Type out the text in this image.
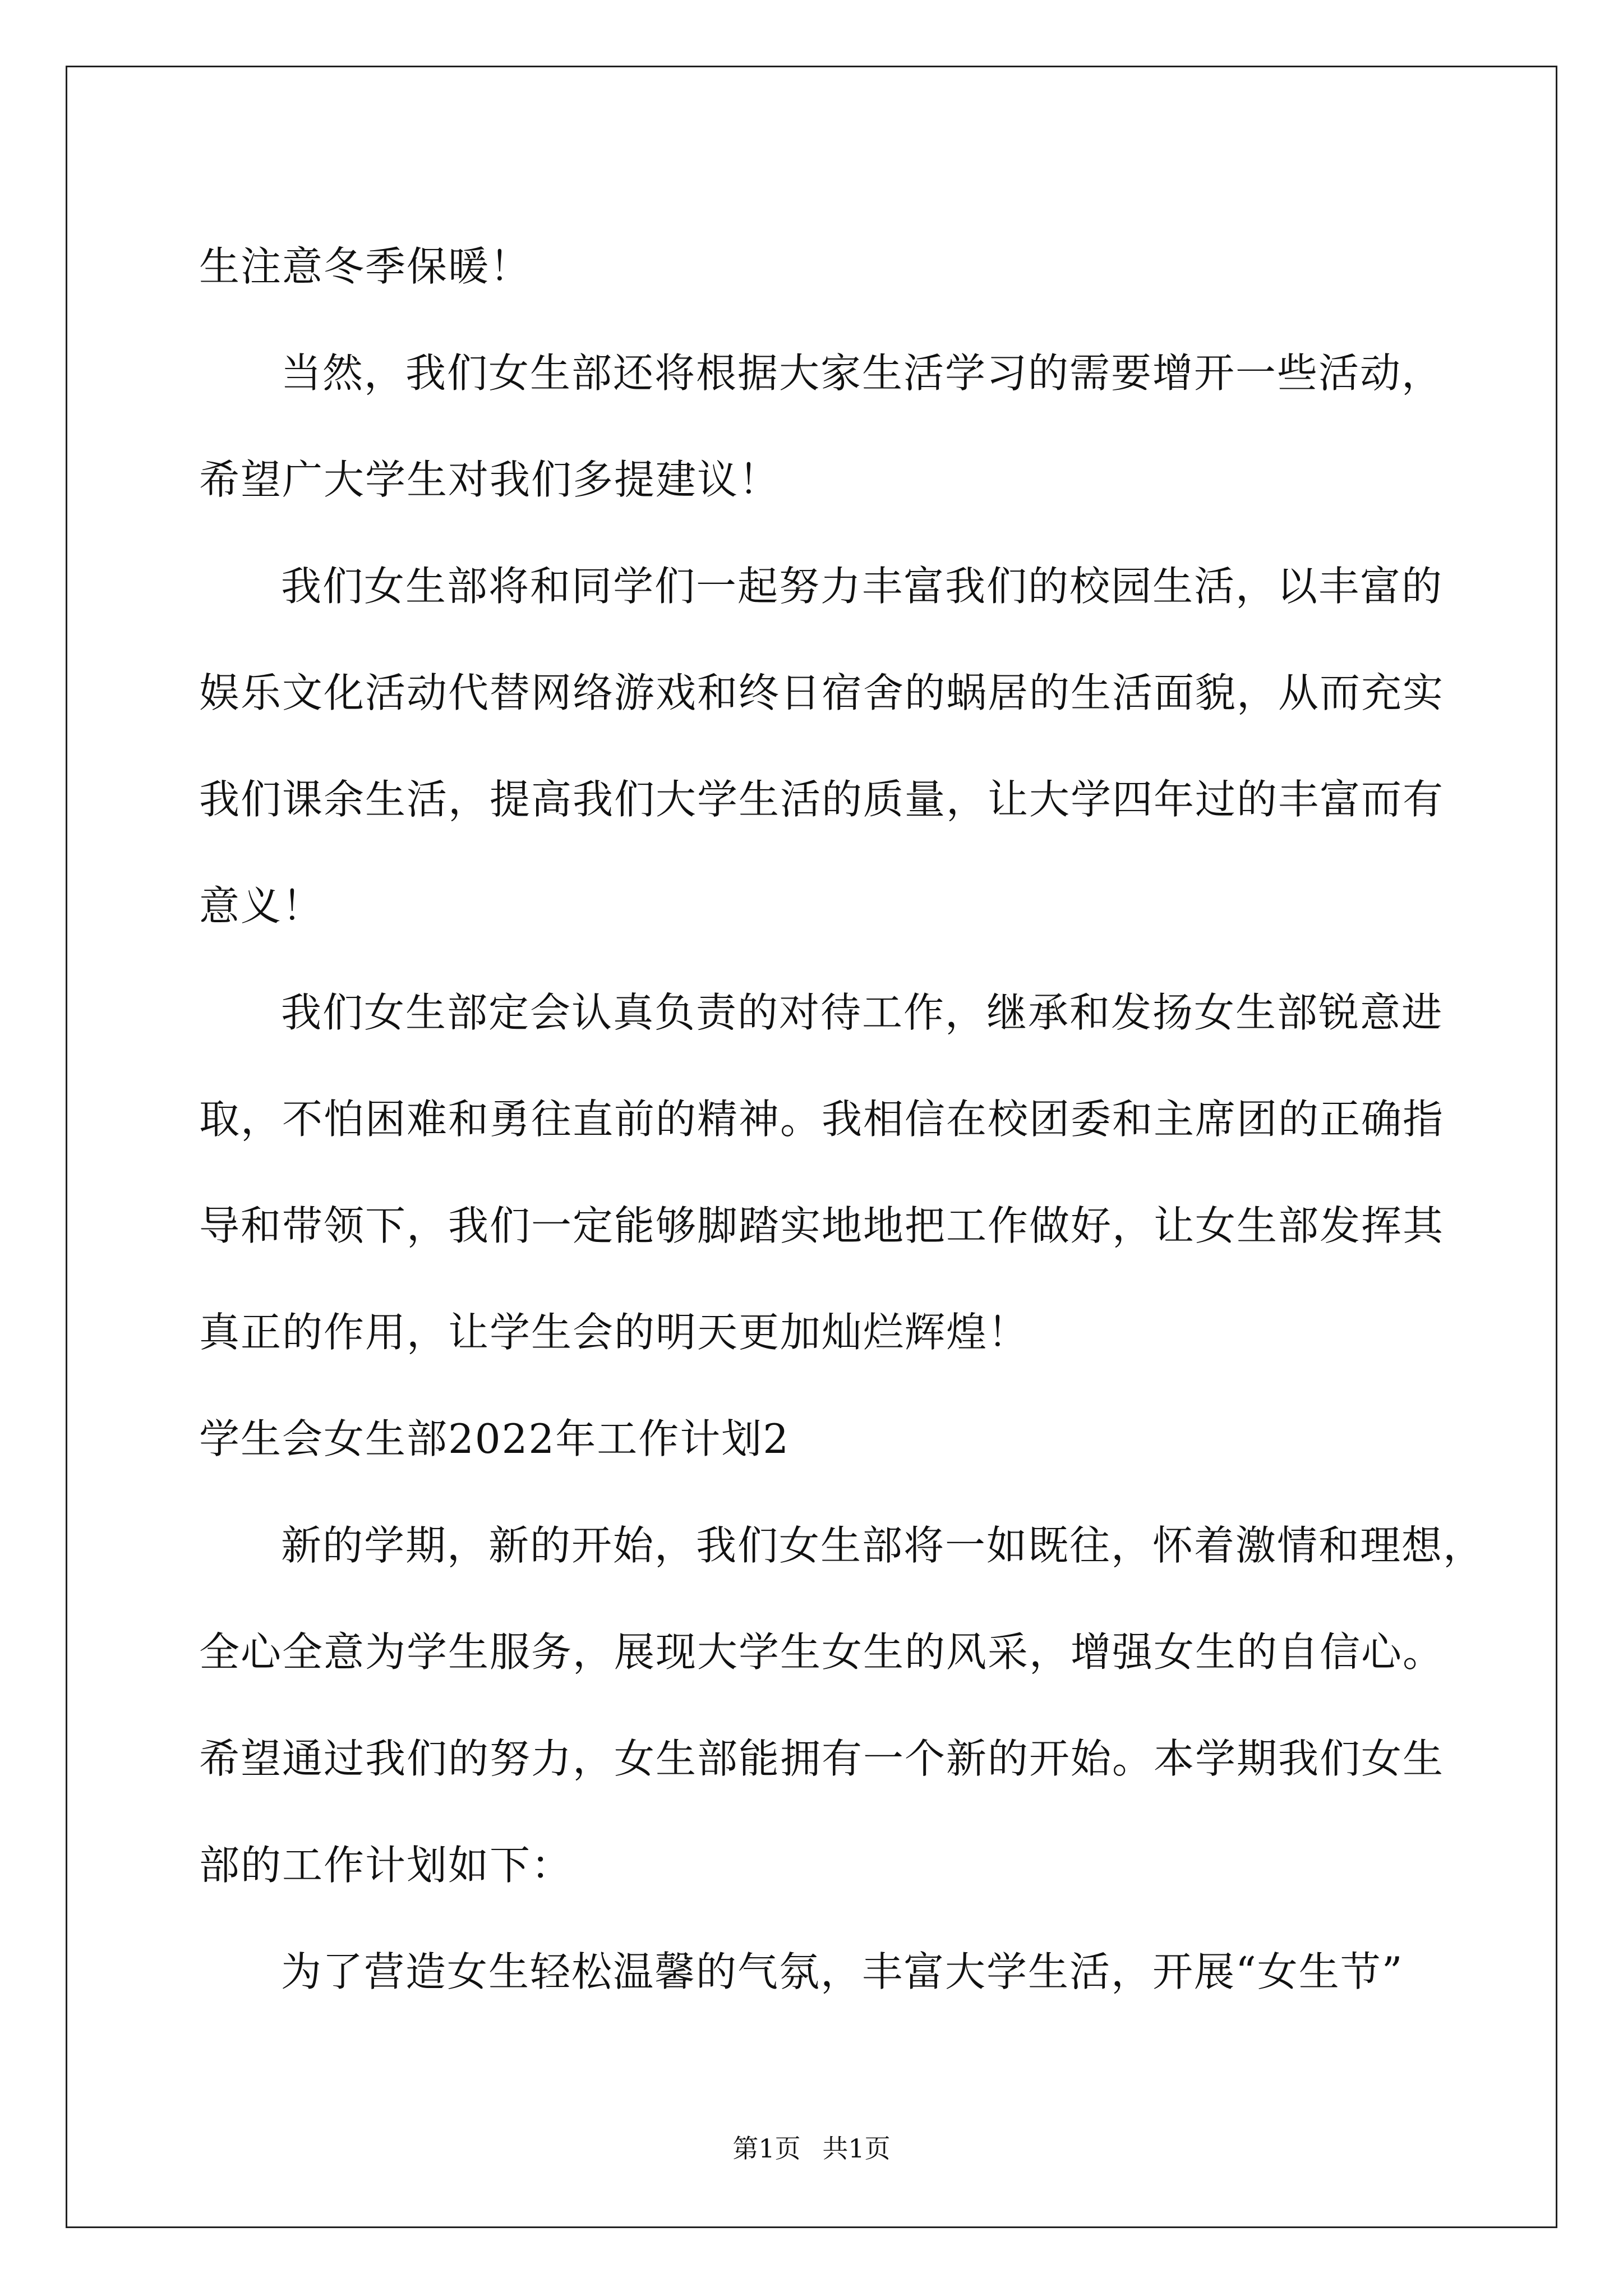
生注意冬季保暖！
当然，我们女生部还将根据大家生活学习的需要增开一些活动，
希望广大学生对我们多提建议！
我们女生部将和同学们一起努力丰富我们的校园生活，以丰富的
娱乐文化活动代替网络游戏和终日宿舍的蜗居的生活面貌，从而充实
我们课余生活，提高我们大学生活的质量，让大学四年过的丰富而有
意义！
我们女生部定会认真负责的对待工作，继承和发扬女生部锐意进
取，不怕困难和勇往直前的精神。我相信在校团委和主席团的正确指
导和带领下，我们一定能够脚踏实地地把工作做好，让女生部发挥其
真正的作用，让学生会的明天更加灿烂辉煌！
学生会女生部2022年工作计划2
新的学期，新的开始，我们女生部将一如既往，怀着激情和理想，
全心全意为学生服务，展现大学生女生的风采，增强女生的自信心。
希望通过我们的努力，女生部能拥有一个新的开始。本学期我们女生
部的工作计划如下：
为了营造女生轻松温馨的气氛，丰富大学生活，开展“女生节”
第1页 共1页
